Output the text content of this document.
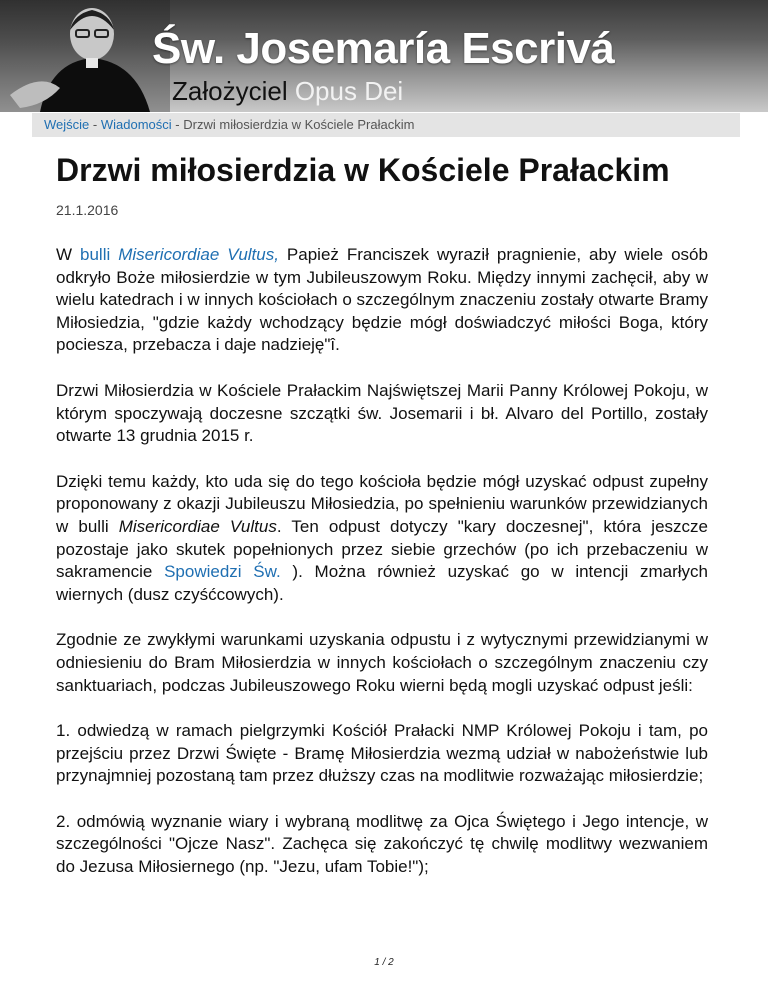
Św. Josemaría Escrivá
Założyciel Opus Dei
Wejście - Wiadomości - Drzwi miłosierdzia w Kościele Prałackim
Drzwi miłosierdzia w Kościele Prałackim
21.1.2016

W bulli Misericordiae Vultus, Papież Franciszek wyraził pragnienie, aby wiele osób odkryło Boże miłosierdzie w tym Jubileuszowym Roku. Między innymi zachęcił, aby w wielu katedrach i w innych kościołach o szczególnym znaczeniu zostały otwarte Bramy Miłosiedzia, "gdzie każdy wchodzący będzie mógł doświadczyć miłości Boga, który pociesza, przebacza i daje nadzieję"î.

Drzwi Miłosierdzia w Kościele Prałackim Najświętszej Marii Panny Królowej Pokoju, w którym spoczywają doczesne szczątki św. Josemarii i bł. Alvaro del Portillo, zostały otwarte 13 grudnia 2015 r.

Dzięki temu każdy, kto uda się do tego kościoła będzie mógł uzyskać odpust zupełny proponowany z okazji Jubileuszu Miłosiedzia, po spełnieniu warunków przewidzianych w bulli Misericordiae Vultus. Ten odpust dotyczy "kary doczesnej", która jeszcze pozostaje jako skutek popełnionych przez siebie grzechów (po ich przebaczeniu w sakramencie Spowiedzi Św. ). Można również uzyskać go w intencji zmarłych wiernych (dusz czyśćcowych).

Zgodnie ze zwykłymi warunkami uzyskania odpustu i z wytycznymi przewidzianymi w odniesieniu do Bram Miłosierdzia w innych kościołach o szczególnym znaczeniu czy sanktuariach, podczas Jubileuszowego Roku wierni będą mogli uzyskać odpust jeśli:

1. odwiedzą w ramach pielgrzymki Kościół Prałacki NMP Królowej Pokoju i tam, po przejściu przez Drzwi Święte - Bramę Miłosierdzia wezmą udział w nabożeństwie lub przynajmniej pozostaną tam przez dłuższy czas na modlitwie rozważając miłosierdzie;

2. odmówią wyznanie wiary i wybraną modlitwę za Ojca Świętego i Jego intencje, w szczególności "Ojcze Nasz". Zachęca się zakończyć tę chwilę modlitwy wezwaniem do Jezusa Miłosiernego (np. "Jezu, ufam Tobie!");

1 / 2
